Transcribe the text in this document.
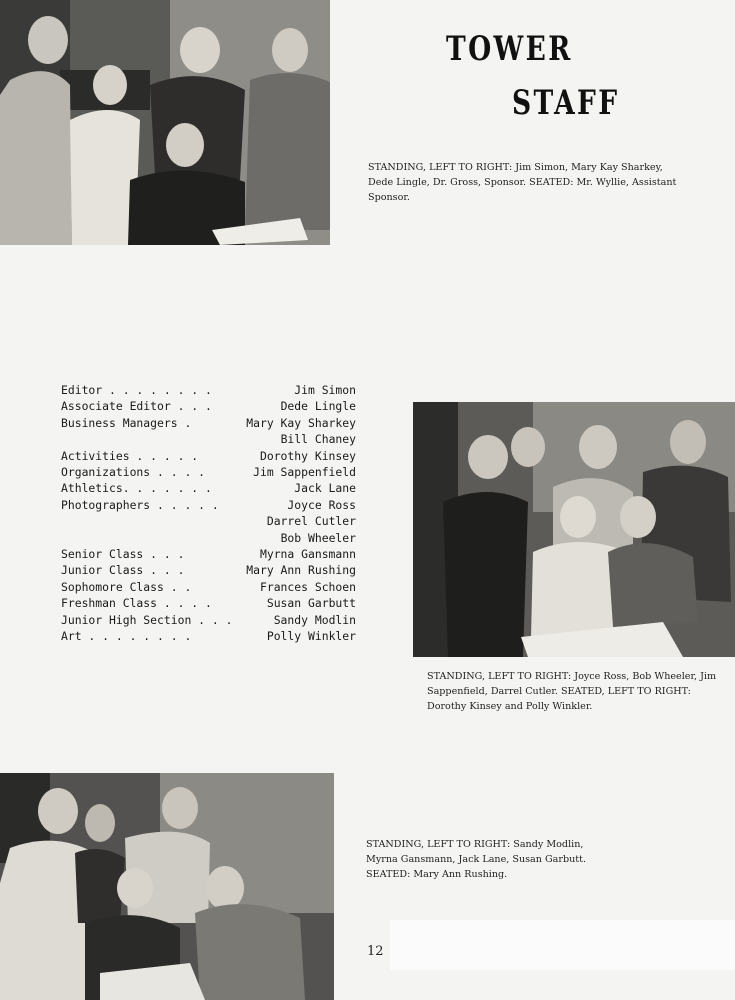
TOWER
STAFF
STANDING, LEFT TO RIGHT: Jim Simon, Mary Kay Sharkey, Dede Lingle, Dr. Gross, Sponsor. SEATED: Mr. Wyllie, Assistant Sponsor.
Editor . . . . . . . .	Jim Simon
Associate Editor . . .	Dede Lingle
Business Managers .	Mary Kay Sharkey
Bill Chaney
Activities . . . . .	Dorothy Kinsey
Organizations . . . .	Jim Sappenfield
Athletics. . . . . . .	Jack Lane
Photographers . . . . .	Joyce Ross
Darrel Cutler
Bob Wheeler
Senior Class . . .	Myrna Gansmann
Junior Class . . .	Mary Ann Rushing
Sophomore Class . .	Frances Schoen
Freshman Class . . . .	Susan Garbutt
Junior High Section . . .	Sandy Modlin
Art . . . . . . . .	Polly Winkler
STANDING, LEFT TO RIGHT: Joyce Ross, Bob Wheeler, Jim Sappenfield, Darrel Cutler. SEATED, LEFT TO RIGHT: Dorothy Kinsey and Polly Winkler.
STANDING, LEFT TO RIGHT: Sandy Modlin, Myrna Gansmann, Jack Lane, Susan Garbutt. SEATED: Mary Ann Rushing.
12
